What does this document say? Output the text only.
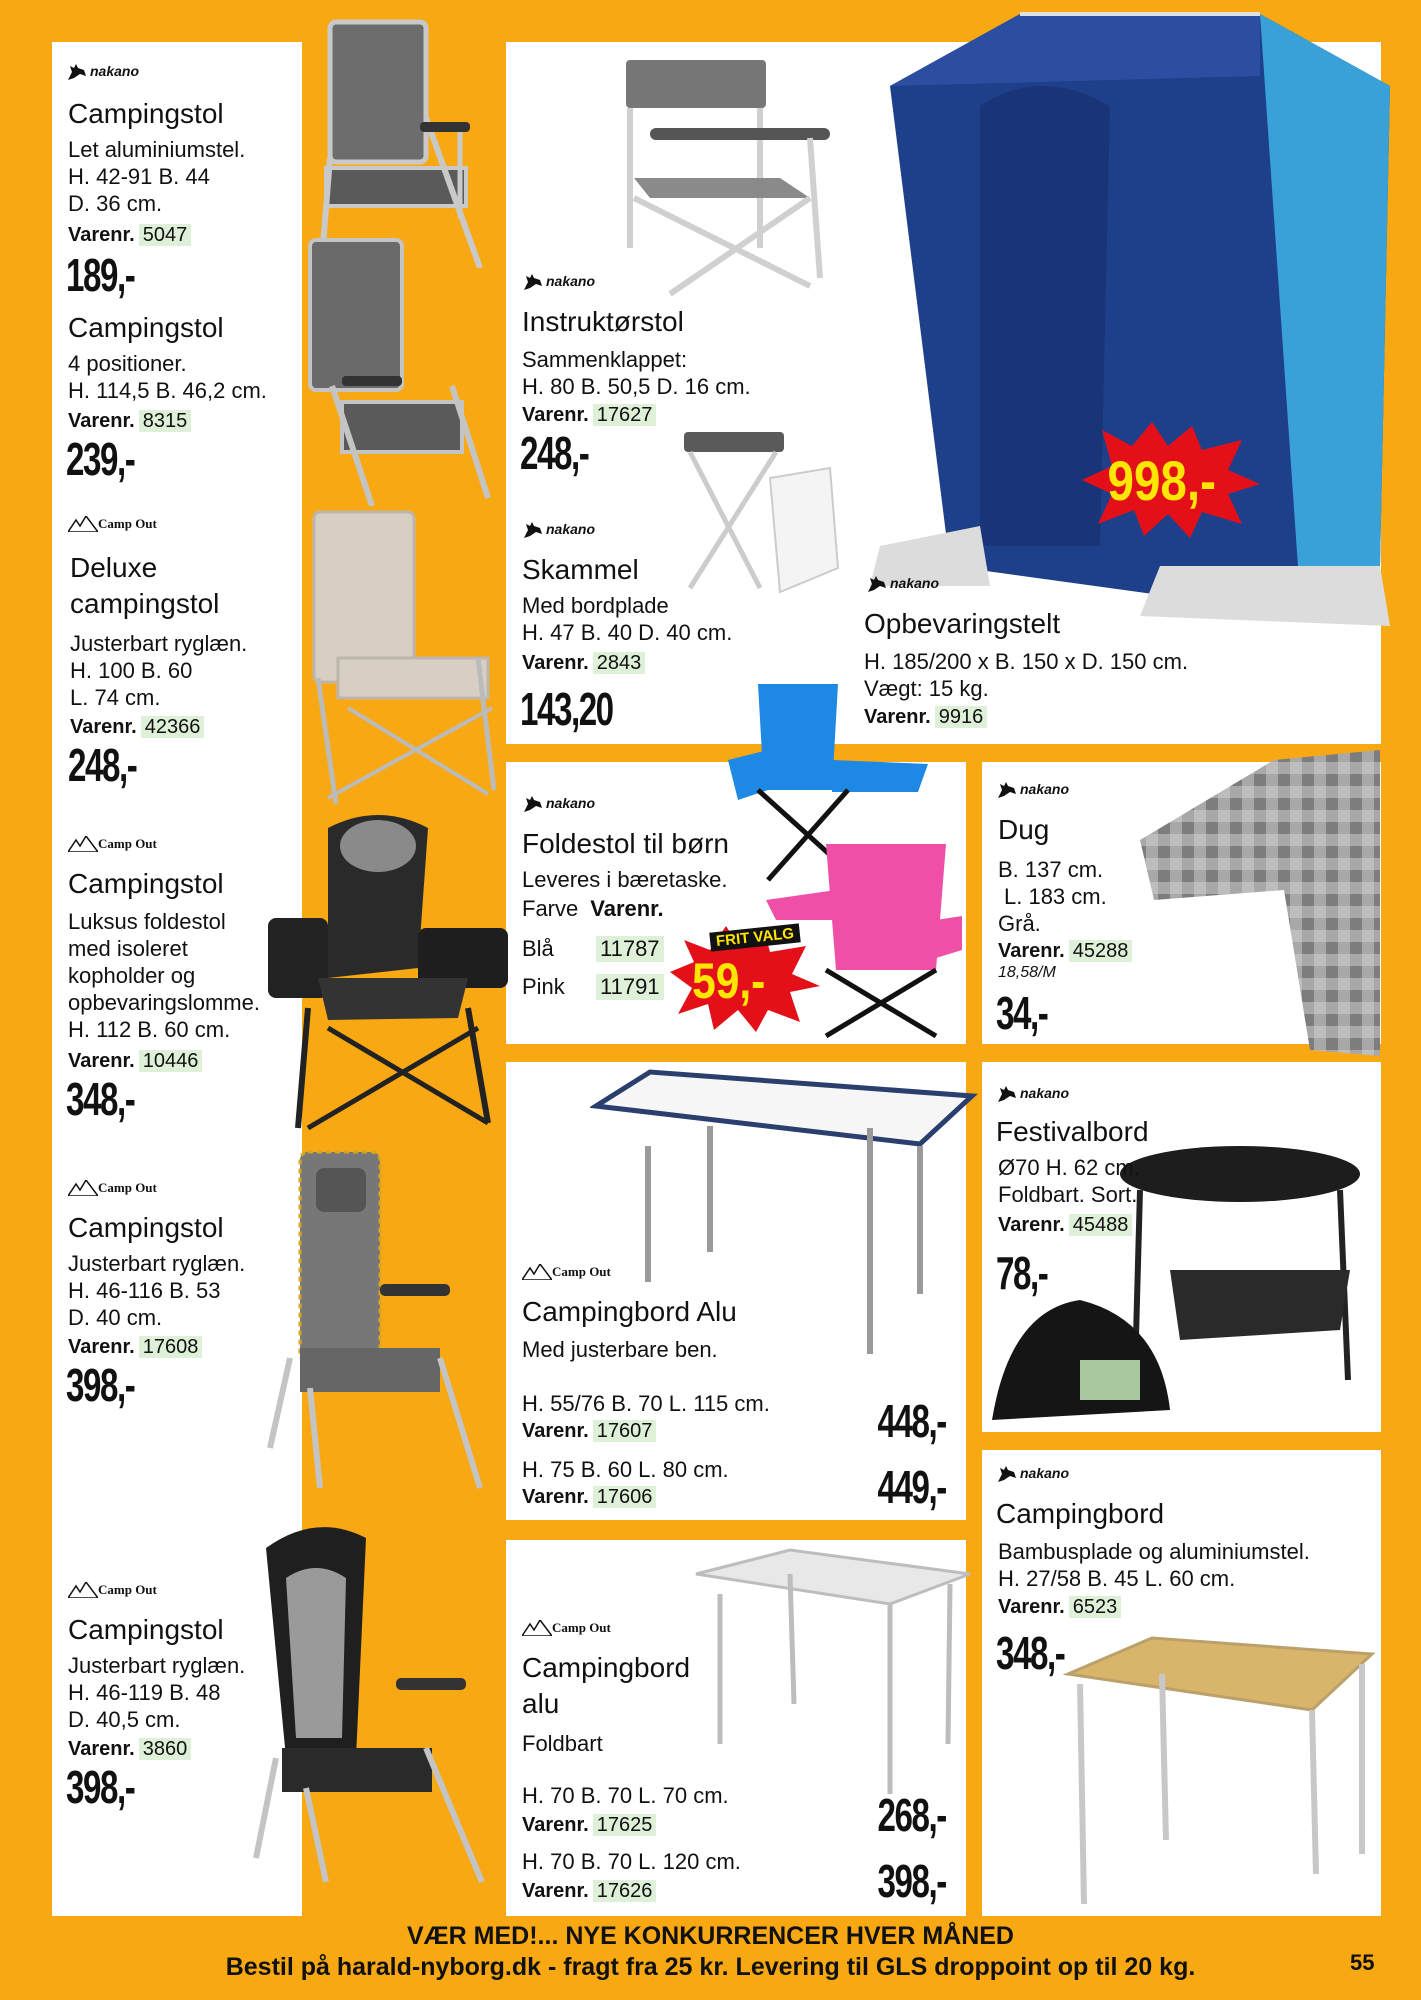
998,-
59,-
FRIT VALG
nakano
nakano
nakano
nakano
nakano
nakano
nakano
nakano
Camp Out
Camp Out
Camp Out
Camp Out
Camp Out
Camp Out
Campingstol
Let aluminiumstel.
H. 42-91 B. 44
D. 36 cm.
Varenr. 5047
189,-
Campingstol
4 positioner.
H. 114,5 B. 46,2 cm.
Varenr. 8315
239,-
Deluxe
campingstol
Justerbart ryglæn.
H. 100 B. 60
L. 74 cm.
Varenr. 42366
248,-
Campingstol
Luksus foldestol
med isoleret
kopholder og
opbevaringslomme.
H. 112 B. 60 cm.
Varenr. 10446
348,-
Campingstol
Justerbart ryglæn.
H. 46-116 B. 53
D. 40 cm.
Varenr. 17608
398,-
Campingstol
Justerbart ryglæn.
H. 46-119 B. 48
D. 40,5 cm.
Varenr. 3860
398,-
Instruktørstol
Sammenklappet:
H. 80 B. 50,5 D. 16 cm.
Varenr. 17627
248,-
Skammel
Med bordplade
H. 47 B. 40 D. 40 cm.
Varenr. 2843
143,20
Opbevaringstelt
H. 185/200 x B. 150 x D. 150 cm.
Vægt: 15 kg.
Varenr. 9916
Foldestol til børn
Leveres i bæretaske.
Farve Varenr.
Blå	11787
Pink	11791
Dug
B. 137 cm.
L. 183 cm.
Grå.
Varenr. 45288
18,58/M
34,-
Campingbord Alu
Med justerbare ben.
H. 55/76 B. 70 L. 115 cm.
Varenr. 17607	448,-
H. 75 B. 60 L. 80 cm.
Varenr. 17606	449,-
Festivalbord
Ø70 H. 62 cm.
Foldbart. Sort.
Varenr. 45488
78,-
Campingbord
alu
Foldbart
H. 70 B. 70 L. 70 cm.
Varenr. 17625	268,-
H. 70 B. 70 L. 120 cm.
Varenr. 17626	398,-
Campingbord
Bambusplade og aluminiumstel.
H. 27/58 B. 45 L. 60 cm.
Varenr. 6523
348,-
VÆR MED!... NYE KONKURRENCER HVER MÅNED
Bestil på harald-nyborg.dk - fragt fra 25 kr. Levering til GLS droppoint op til 20 kg.	55
